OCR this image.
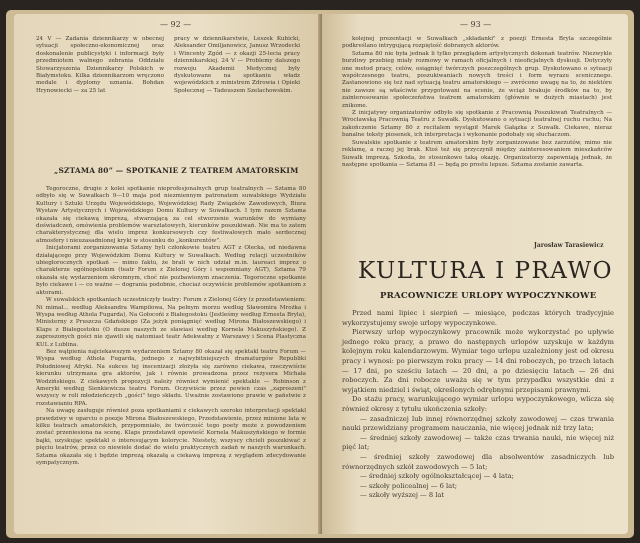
— 92 —
24 V — Zadania dziennikarzy w obecnej sytuacji społeczno-ekonomicznej oraz doskonalenie publicystyki i informacji były przedmiotem walnego zebrania Oddziału Stowarzyszenia Dziennikarzy Polskich w Białymstoku. Kilka dziennikarzom wręczono medale i dyplomy uznania. Bohdan Hrynowiecki — za 25 lat
pracy w dziennikarstwie, Leszek Kubicki, Aleksander Omiljanowicz, Janusz Wrzodecki i Wincenty Zgód — z okazji 25-lecia pracy dziennikarskiej. 24 V — Problemy dalszego rozwoju Akademii Medycznej były dyskutowane na spotkaniu władz wojewódzkich z ministrem Zdrowia i Opieki Społecznej — Tadeuszem Szelachowskim.
„SZTAMA 80” — SPOTKANIE Z TEATREM AMATORSKIM

Tegoroczne, drugie z kolei spotkanie nieprofesjonalnych grup teatralnych — Sztama 80 odbyło się w Suwałkach 9—10 maja pod niezmiennym patronatem suwalskiego Wydziału Kultury i Sztuki Urzędu Wojewódzkiego, Wojewódzkiej Rady Związków Zawodowych, Biura Wystaw Artystycznych i Wojewódzkiego Domu Kultury w Suwałkach. I tym razem Sztama okazała się ciekawą imprezą, stwarzającą za cel stworzenie warunków do wymiany doświadczeń, omówienia problemów warsztatowych, kierunków poszukiwań. Nie ma to zatem charakterystycznej dla wielu imprez konkursowych czy festiwalowych mało serdecznej atmosfery i nieuzasadnionej kryki w stosunku do „konkurentów”.

Inicjatorami zorganizowania Sztamy byli członkowie teatru AGT z Olecka, od niedawna działającego przy Wojewódzkim Domu Kultury w Suwałkach. Według relacji uczestników ubiegłorocznych spotkań — mimo faktu, że brali w nich udział m.in. laureaci imprez o charakterze ogólnopolskim (teatr Forum z Zielonej Góry i wspomniany AGT), Sztama 79 okazała się wydarzeniem skromnym, choć nie pozbawionym znaczenia. Tegoroczne spotkanie było ciekawe i — co ważne — dogrania podobnie, chociaż oczywiście problemów spotkaniom z aktorami.

W suwalskich spotkaniach uczestniczyły teatry: Forum z Zielonej Góry (z przedstawieniem: Ni mimał... według Aleksandra Wampilowa, Na pełnym morzu według Sławomira Mrożka i Wyspa według Athola Fugarda), Na Gołocońi z Białegostoku (Jestleśmy według Ernesta Bryla), Ministerny z Pruszcza Gdańskiego (Za jeżyk poniągnięć według Mirona Białoszewskiego) i Klaps z Białegostoku (O dusze naszych ze sławiasi według Kornela Makuszyńskiego). Z zaproszonych gości nie zjawili się natomiast teatr Adekwatny z Warszawy i Scena Plastyczna KUL z Lublina.

Bez wątpienia najciekawszym wydarzeniem Sztamy 80 okazał się spektakl teatru Forum — Wyspa według Athola Fugarda, jednego z najwybitniejszych dramaturgów Republiki Południowej Afryki. Na sukces tej inscenizacji złożyła się zarówno ciekawa, rzeczywiście kierunku utrzymana gra aktorów, jak i równie prowadzona przez reżysera Michała Wodzińskiego. Z ciekawych propozycji należy również wymienić spektakle — Robinson z Ameryki według Sienkiewicza teatru Forum. Oczywiście przez pewien czas „zaproszeni" wszyscy w roli młodzieńczych „gości" tego składu. Uważnie zostawiono prawie w państwie z rozstawianiu RPA.

Na uwagę zasługuje również poza spotkaniami z ciekawych szeroko interpretacji spektakl prawdziwy w oparciu o poezje Mirona Białoszewskiego, Przedstawienie, przez minione lata w kilku teatrach amatorskich, przypomniało, że twórczość tego poety może z powodzeniem zostać przeniesiona na scenę. Klaps przedstawił opowieść Kornela Makuszyńskiego w formie bajki, uzyskując spektakl o interesującym kolorycie. Niestety, wszyscy chcieli poszukiwać z pięciu teatrów, przez co niewiele dodać do wielu praktycznych zadań w naszych warunkach. Sztama okazała się i będzie imprezą okazałą a ciekawą imprezą z wyglądem zdecydowanie sympatycznym.

— 93 —

kolejnej prezentacji w Suwałkach „składanki" z poezji Ernesta Bryla szczególnie podkreślano intrygującą rozpiętość dobranych aktorów.

Sztama 80 nie była jednak li tylko przeglądem artystycznych dokonań teatrów. Niezwykle burzliwy przebieg miały rozmowy w ramach oficjalnych i nieoficjalnych dyskusji. Dotyczyły one metod pracy, celów, osiągnięć twórczych poszczególnych grup. Dyskutowano o sytuacji współczesnego teatru, poszukiwaniach nowych treści i form wyrazu scenicznego. Zastanowiono się też nad sytuacją teatru amatorskiego — zwrócono uwagę na to, że niektóre nie zawsze są właściwie przygotowani na scenie, że wciąż brakuje środków na to, by zainteresowanie społeczeństwa teatrem amatorskim (głównie w dużych miastach) jest znikome.

Z inicjatywy organizatorów odbyło się spotkanie z Pracownią Poszukiwań Teatralnych — Wrocławską Pracownią Teatru z Suwałk. Dyskutowano o sytuacji teatralnej ruchu ruchu; Na zakończenie Sztamy 80 z recitalem wystąpił Marek Gałązka z Suwałk. Ciekawe, nieraz banalne teksty piosenek, ich interpretacja i wykonanie podobały się słuchaczom.

Suwalskie spotkanie z teatrem amatorskim były zorganizowane bez zarzutów, mimo nie reklamę, a raczej jej brak. Ktoś też się przyczynił między zainteresowaniem mieszkańców Suwałk imprezą. Szkoda, że stosunkowo taką okazję. Organizatorzy zapewniają jednak, że następne spotkania — Sztama 81 — będą po prostu lepsze. Sztama zostanie zawarta.

Jarosław Tarasiewicz
KULTURA I PRAWO
PRACOWNICZE URLOPY WYPOCZYNKOWE

Przed nami lipiec i sierpień — miesiące, podczas których tradycyjnie wykorzystujemy swoje urlopy wypoczynkowe.

Pierwszy urlop wypoczynkowy pracownik może wykorzystać po upływie jednego roku pracy, a prawo do następnych urlopów uzyskuje w każdym kolejnym roku kalendarzowym. Wymiar tego urlopu uzależniony jest od okresu pracy i wynosi: po pierwszym roku pracy — 14 dni roboczych, po trzech latach — 17 dni, po sześciu latach — 20 dni, a po dziesięciu latach — 26 dni roboczych. Za dni robocze uważa się w tym przypadku wszystkie dni z wyjątkiem niedziel i świąt, określonych odrębnymi przepisami prawnymi.

Do stażu pracy, warunkującego wymiar urlopu wypoczynkowego, wlicza się również okresy z tytułu ukończenia szkoły:

— zasadniczej lub innej równorzędnej szkoły zawodowej — czas trwania nauki przewidziany programem nauczania, nie więcej jednak niż trzy lata;

— średniej szkoły zawodowej — także czas trwania nauki, nie więcej niż pięć lat;

— średniej szkoły zawodowej dla absolwentów zasadniczych lub równorzędnych szkół zawodowych — 5 lat;

— średniej szkoły ogólnokształcącej — 4 lata;

— szkoły policealnej — 6 lat;

— szkoły wyższej — 8 lat
